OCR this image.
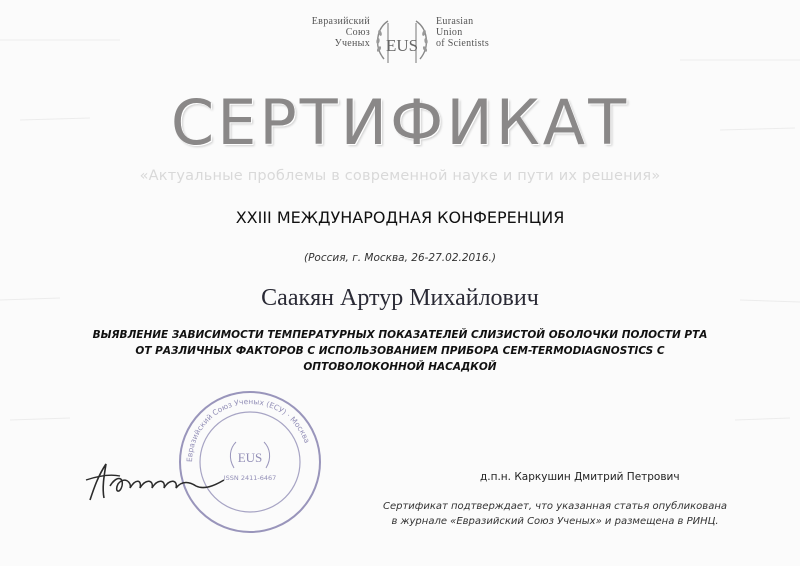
Евразийский
Союз
Ученых EUS
Eurasian
Union
of Scientists
СЕРТИФИКАТ
«Актуальные проблемы в современной науке и пути их решения»
XXIII МЕЖДУНАРОДНАЯ КОНФЕРЕНЦИЯ
(Россия, г. Москва, 26-27.02.2016.)
Саакян Артур Михайлович
ВЫЯВЛЕНИЕ ЗАВИСИМОСТИ ТЕМПЕРАТУРНЫХ ПОКАЗАТЕЛЕЙ СЛИЗИСТОЙ ОБОЛОЧКИ ПОЛОСТИ РТА
ОТ РАЗЛИЧНЫХ ФАКТОРОВ С ИСПОЛЬЗОВАНИЕМ ПРИБОРА CEM-TERMODIAGNOSTICS С
ОПТОВОЛОКОННОЙ НАСАДКОЙ
Евразийский Союз Ученых (ЕСУ) · Москва
EUS
ISSN 2411-6467	д.п.н. Каркушин Дмитрий Петрович
Сертификат подтверждает, что указанная статья опубликована
в журнале «Евразийский Союз Ученых» и размещена в РИНЦ.
